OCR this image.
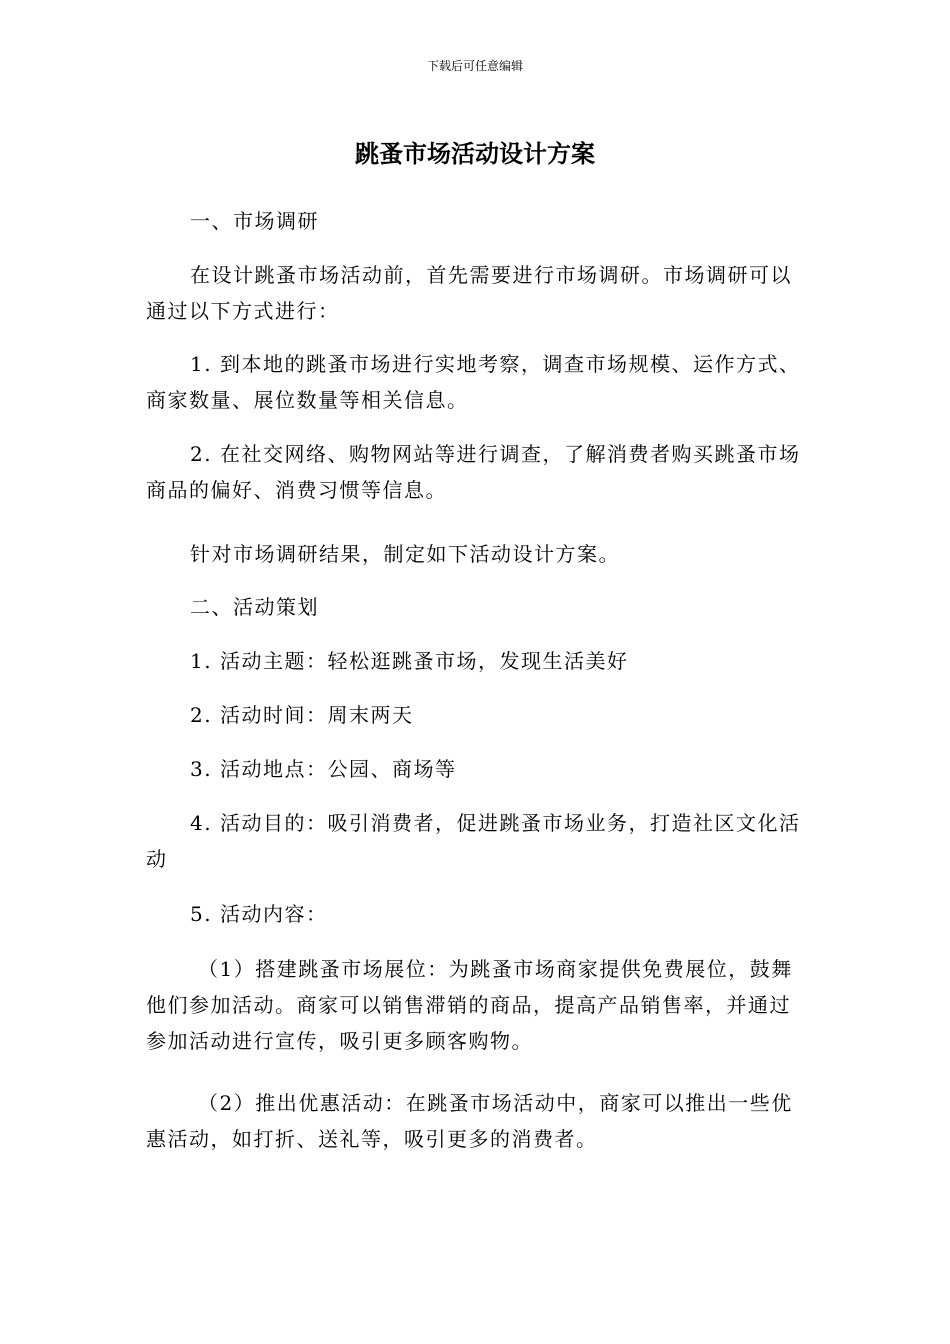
下载后可任意编辑
跳蚤市场活动设计方案

一、市场调研

在设计跳蚤市场活动前，首先需要进行市场调研。市场调研可以通过以下方式进行：

1. 到本地的跳蚤市场进行实地考察，调查市场规模、运作方式、商家数量、展位数量等相关信息。

2. 在社交网络、购物网站等进行调查，了解消费者购买跳蚤市场商品的偏好、消费习惯等信息。

针对市场调研结果，制定如下活动设计方案。

二、活动策划

1. 活动主题：轻松逛跳蚤市场，发现生活美好

2. 活动时间：周末两天

3. 活动地点：公园、商场等

4. 活动目的：吸引消费者，促进跳蚤市场业务，打造社区文化活动

5. 活动内容：

（1）搭建跳蚤市场展位：为跳蚤市场商家提供免费展位，鼓舞他们参加活动。商家可以销售滞销的商品，提高产品销售率，并通过参加活动进行宣传，吸引更多顾客购物。

（2）推出优惠活动：在跳蚤市场活动中，商家可以推出一些优惠活动，如打折、送礼等，吸引更多的消费者。
